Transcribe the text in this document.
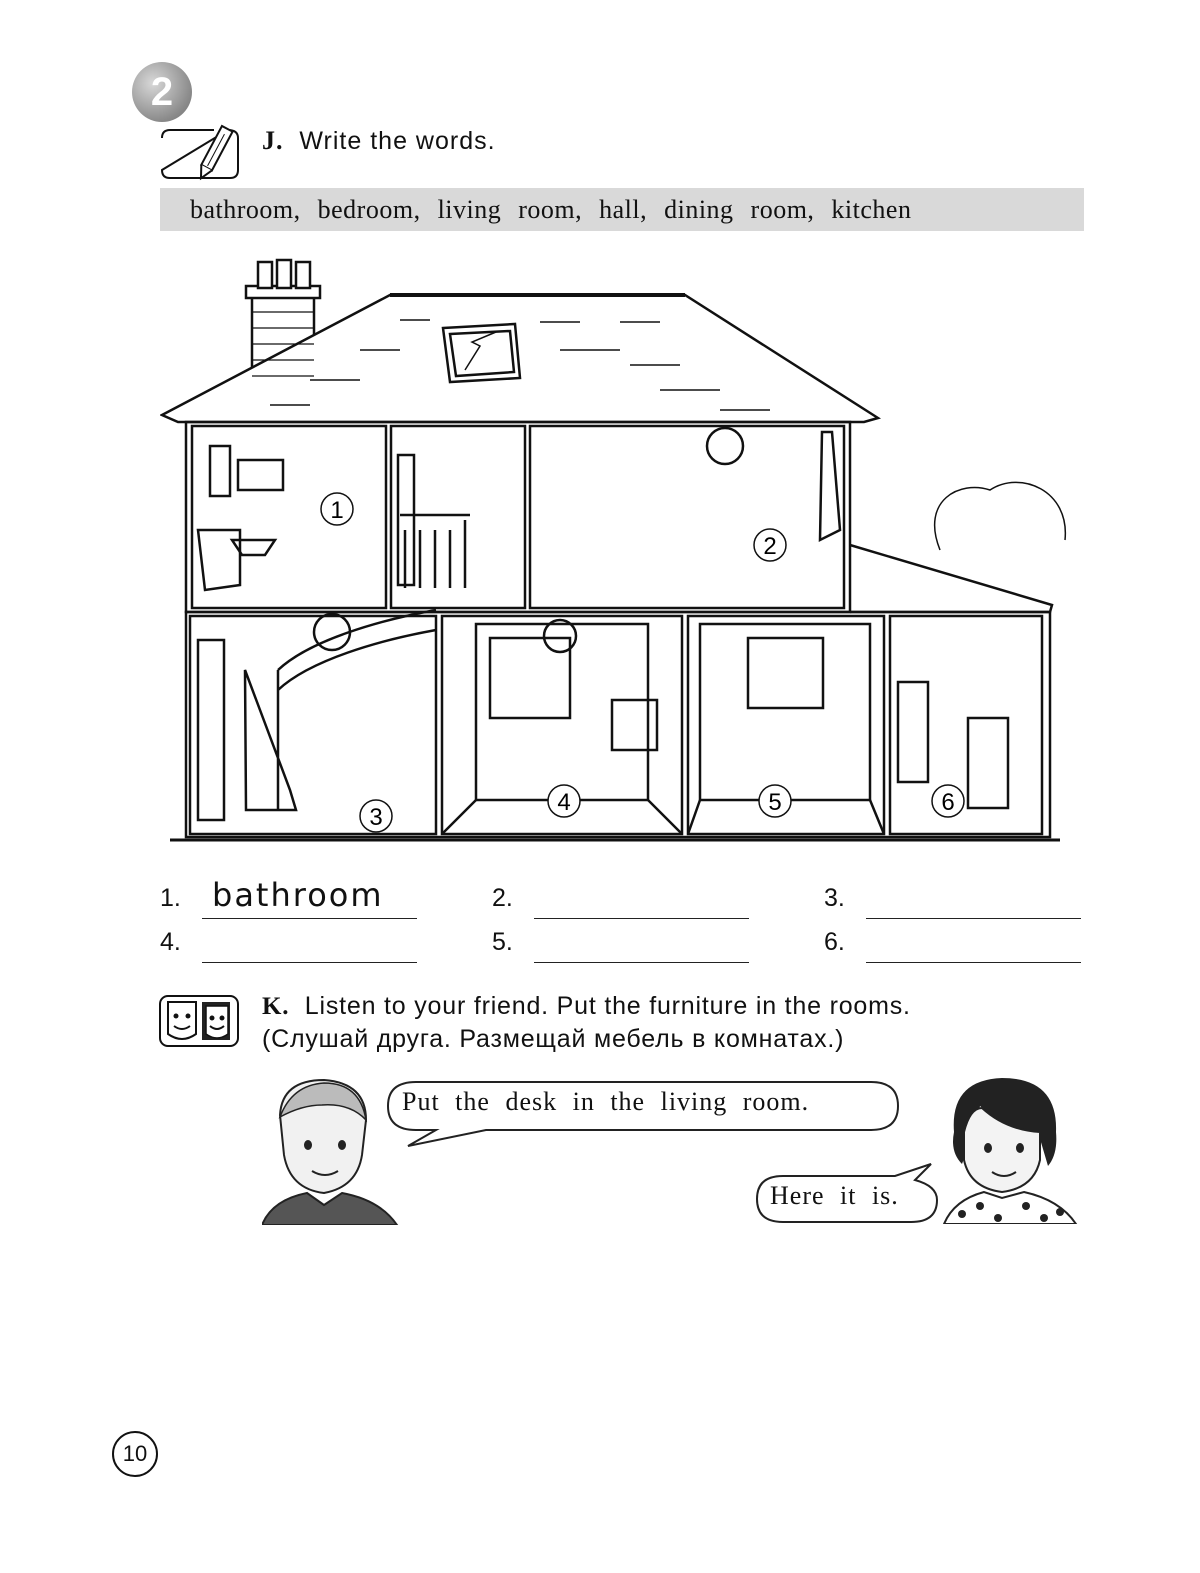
2
J. Write the words.
bathroom, bedroom, living room, hall, dining room, kitchen
1
2
3
4	5	6
1. bathroom	2.	3.
4.	5.	6.
K. Listen to your friend. Put the furniture in the rooms.
(Слушай друга. Размещай мебель в комнатах.)
Put the desk in the living room.
Here it is.
10
